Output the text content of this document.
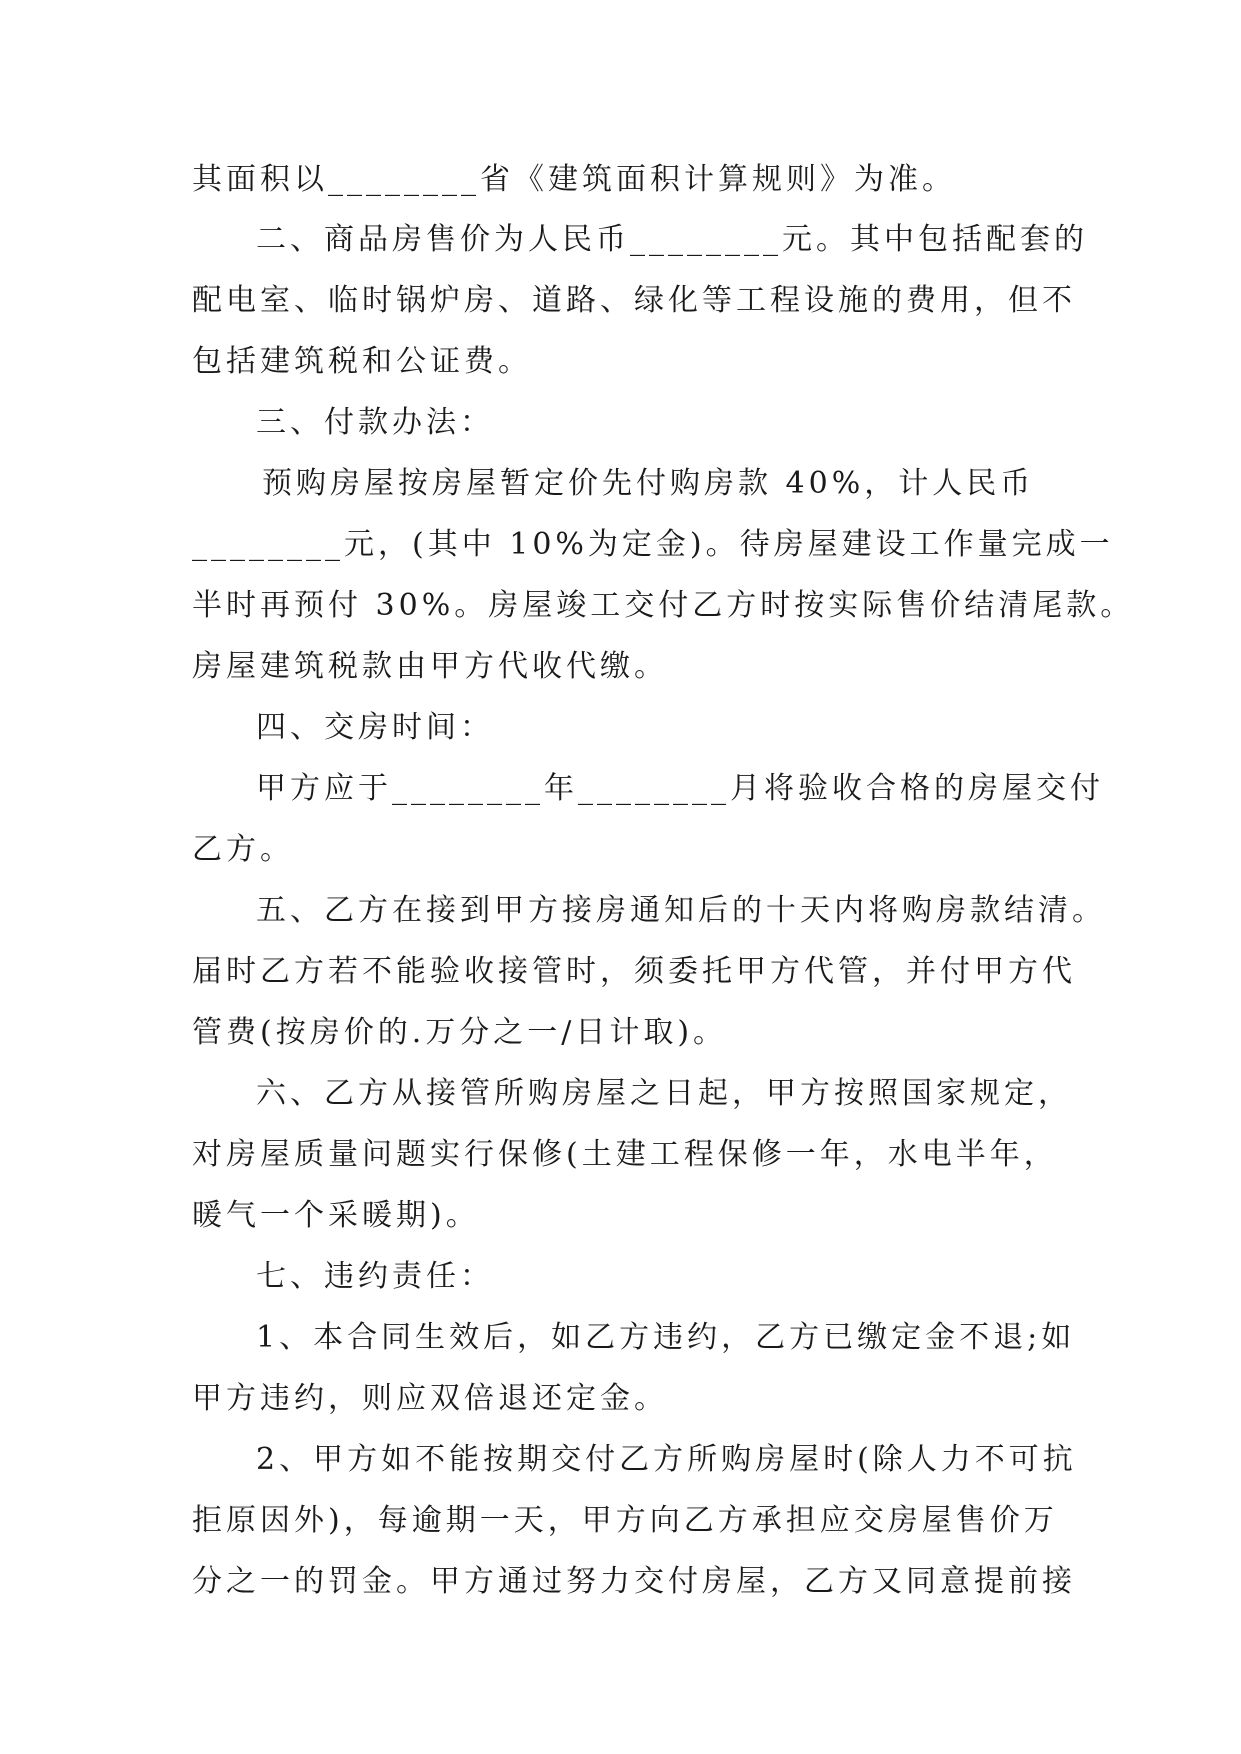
其面积以________省《建筑面积计算规则》为准。
二、商品房售价为人民币________元。其中包括配套的
配电室、临时锅炉房、道路、绿化等工程设施的费用，但不
包括建筑税和公证费。
三、付款办法：
预购房屋按房屋暂定价先付购房款 40%，计人民币
________元，(其中 10%为定金)。待房屋建设工作量完成一
半时再预付 30%。房屋竣工交付乙方时按实际售价结清尾款。
房屋建筑税款由甲方代收代缴。
四、交房时间：
甲方应于________年________月将验收合格的房屋交付
乙方。
五、乙方在接到甲方接房通知后的十天内将购房款结清。
届时乙方若不能验收接管时，须委托甲方代管，并付甲方代
管费(按房价的.万分之一/日计取)。
六、乙方从接管所购房屋之日起，甲方按照国家规定，
对房屋质量问题实行保修(土建工程保修一年，水电半年，
暖气一个采暖期)。
七、违约责任：
1、本合同生效后，如乙方违约，乙方已缴定金不退;如
甲方违约，则应双倍退还定金。
2、甲方如不能按期交付乙方所购房屋时(除人力不可抗
拒原因外)，每逾期一天，甲方向乙方承担应交房屋售价万
分之一的罚金。甲方通过努力交付房屋，乙方又同意提前接
